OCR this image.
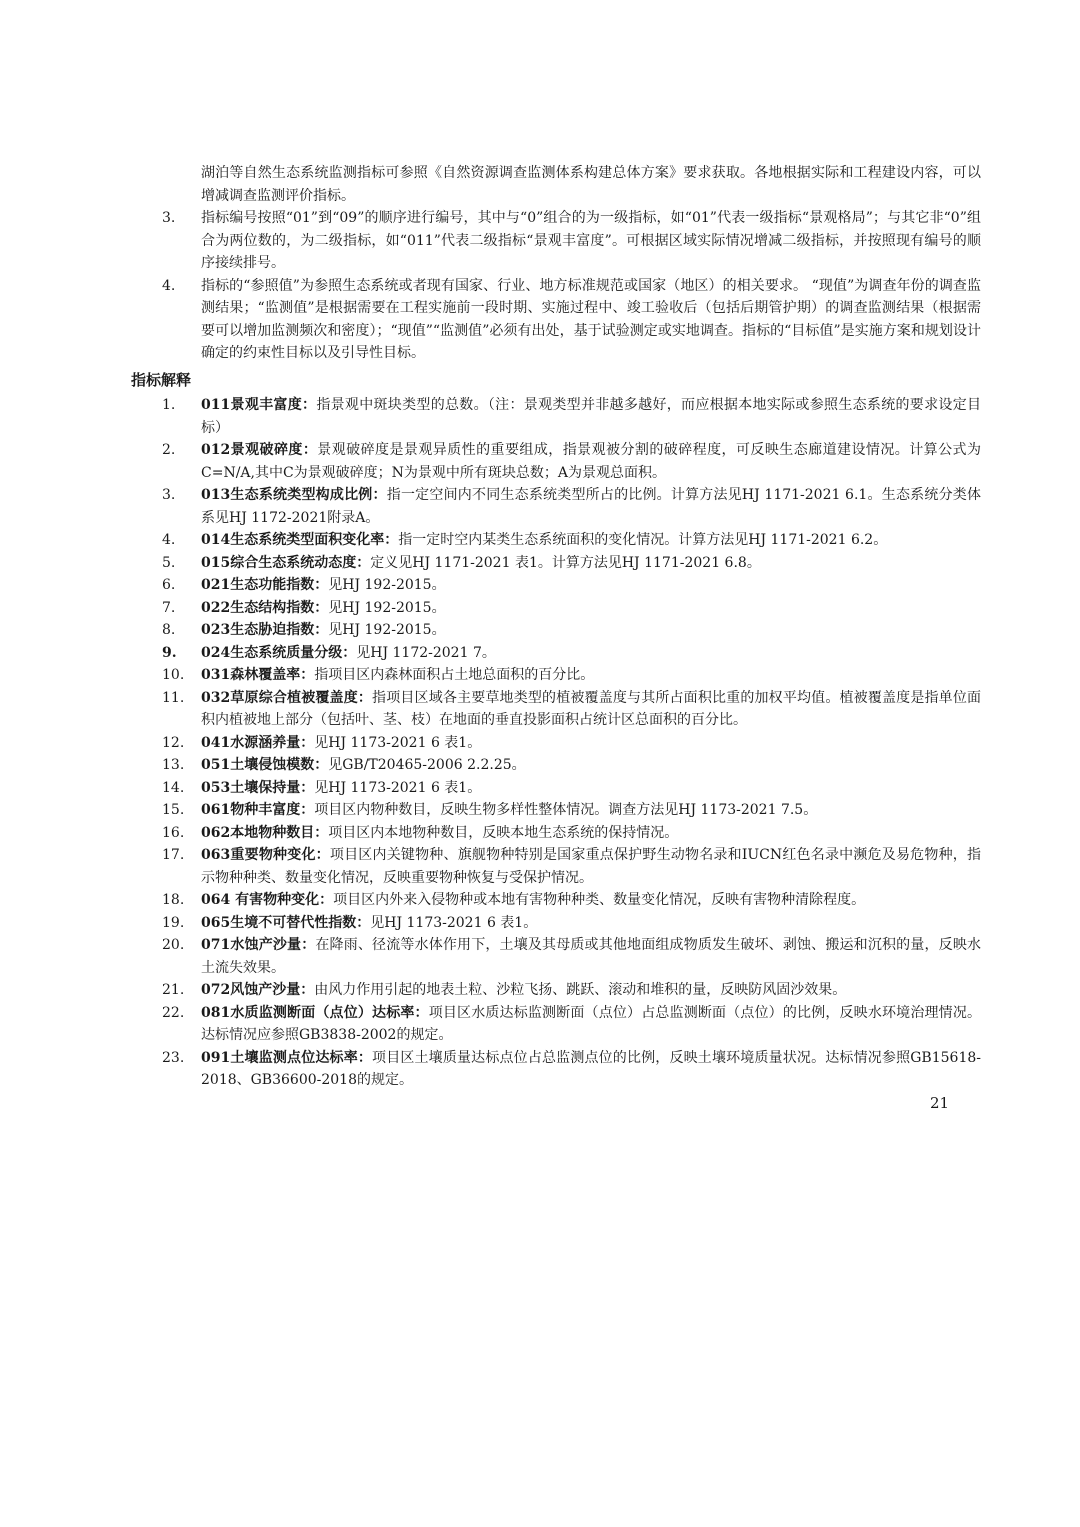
湖泊等自然生态系统监测指标可参照《自然资源调查监测体系构建总体方案》要求获取。各地根据实际和工程建设内容，可以增减调查监测评价指标。
3.	指标编号按照“01”到“09”的顺序进行编号，其中与“0”组合的为一级指标，如“01”代表一级指标“景观格局”；与其它非“0”组合为两位数的，为二级指标，如“011”代表二级指标“景观丰富度”。可根据区域实际情况增减二级指标，并按照现有编号的顺序接续排号。
4.	指标的“参照值”为参照生态系统或者现有国家、行业、地方标准规范或国家（地区）的相关要求。 “现值”为调查年份的调查监测结果；“监测值”是根据需要在工程实施前一段时期、实施过程中、竣工验收后（包括后期管护期）的调查监测结果（根据需要可以增加监测频次和密度）；“现值”“监测值”必须有出处，基于试验测定或实地调查。指标的“目标值”是实施方案和规划设计确定的约束性目标以及引导性目标。
指标解释
1.	011景观丰富度：指景观中斑块类型的总数。（注：景观类型并非越多越好，而应根据本地实际或参照生态系统的要求设定目标）
2.	012景观破碎度：景观破碎度是景观异质性的重要组成，指景观被分割的破碎程度，可反映生态廊道建设情况。计算公式为C=N/A,其中C为景观破碎度；N为景观中所有斑块总数；A为景观总面积。
3.	013生态系统类型构成比例：指一定空间内不同生态系统类型所占的比例。计算方法见HJ 1171-2021 6.1。生态系统分类体系见HJ 1172-2021附录A。
4.	014生态系统类型面积变化率：指一定时空内某类生态系统面积的变化情况。计算方法见HJ 1171-2021 6.2。
5.	015综合生态系统动态度：定义见HJ 1171-2021 表1。计算方法见HJ 1171-2021 6.8。
6.	021生态功能指数：见HJ 192-2015。
7.	022生态结构指数：见HJ 192-2015。
8.	023生态胁迫指数：见HJ 192-2015。
9.	024生态系统质量分级：见HJ 1172-2021 7。
10.	031森林覆盖率：指项目区内森林面积占土地总面积的百分比。
11.	032草原综合植被覆盖度：指项目区域各主要草地类型的植被覆盖度与其所占面积比重的加权平均值。植被覆盖度是指单位面积内植被地上部分（包括叶、茎、枝）在地面的垂直投影面积占统计区总面积的百分比。
12.	041水源涵养量：见HJ 1173-2021 6 表1。
13.	051土壤侵蚀模数：见GB/T20465-2006 2.2.25。
14.	053土壤保持量：见HJ 1173-2021 6 表1。
15.	061物种丰富度：项目区内物种数目，反映生物多样性整体情况。调查方法见HJ 1173-2021 7.5。
16.	062本地物种数目：项目区内本地物种数目，反映本地生态系统的保持情况。
17.	063重要物种变化：项目区内关键物种、旗舰物种特别是国家重点保护野生动物名录和IUCN红色名录中濒危及易危物种，指示物种种类、数量变化情况，反映重要物种恢复与受保护情况。
18.	064 有害物种变化：项目区内外来入侵物种或本地有害物种种类、数量变化情况，反映有害物种清除程度。
19.	065生境不可替代性指数：见HJ 1173-2021 6 表1。
20.	071水蚀产沙量：在降雨、径流等水体作用下，土壤及其母质或其他地面组成物质发生破坏、剥蚀、搬运和沉积的量，反映水土流失效果。
21.	072风蚀产沙量：由风力作用引起的地表土粒、沙粒飞扬、跳跃、滚动和堆积的量，反映防风固沙效果。
22.	081水质监测断面（点位）达标率：项目区水质达标监测断面（点位）占总监测断面（点位）的比例，反映水环境治理情况。达标情况应参照GB3838-2002的规定。
23.	091土壤监测点位达标率：项目区土壤质量达标点位占总监测点位的比例，反映土壤环境质量状况。达标情况参照GB15618-2018、GB36600-2018的规定。
21
